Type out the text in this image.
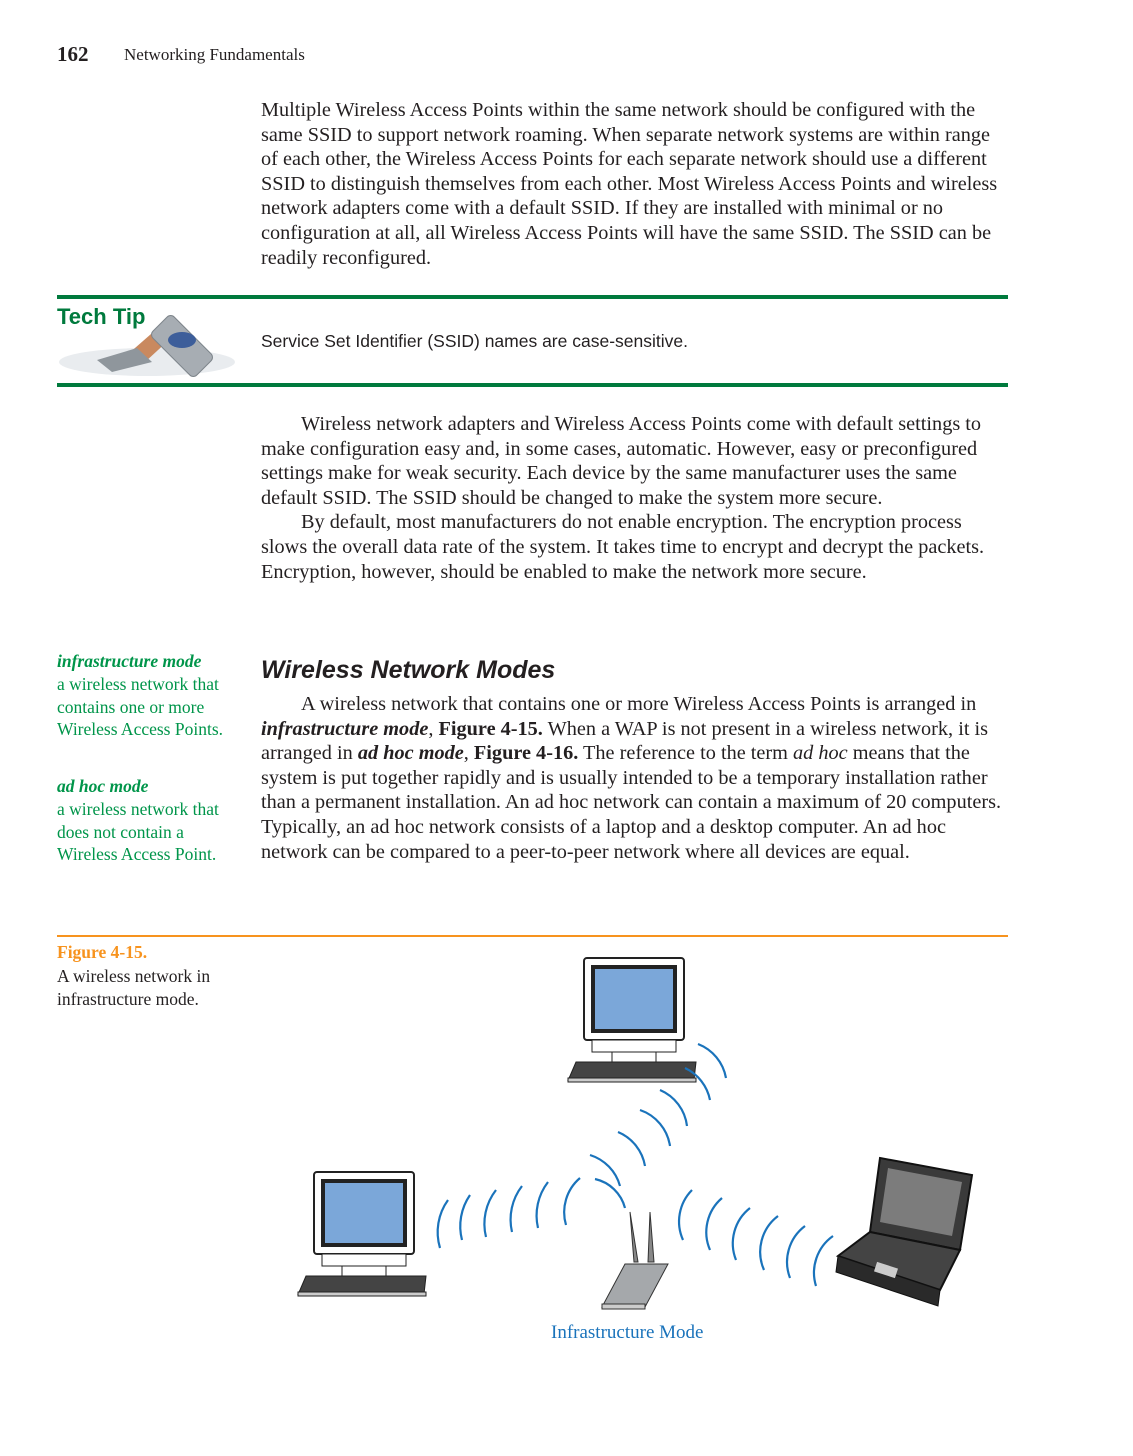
162 Networking Fundamentals

Multiple Wireless Access Points within the same network should be configured with the same SSID to support network roaming. When separate network systems are within range of each other, the Wireless Access Points for each separate network should use a different SSID to distinguish themselves from each other. Most Wireless Access Points and wireless network adapters come with a default SSID. If they are installed with minimal or no configuration at all, all Wireless Access Points will have the same SSID. The SSID can be readily reconfigured.

Tech Tip
Service Set Identifier (SSID) names are case-sensitive.

Wireless network adapters and Wireless Access Points come with default settings to make configuration easy and, in some cases, automatic. However, easy or preconfigured settings make for weak security. Each device by the same manufacturer uses the same default SSID. The SSID should be changed to make the system more secure.

By default, most manufacturers do not enable encryption. The encryption process slows the overall data rate of the system. It takes time to encrypt and decrypt the packets. Encryption, however, should be enabled to make the network more secure.

Wireless Network Modes

A wireless network that contains one or more Wireless Access Points is arranged in infrastructure mode, Figure 4-15. When a WAP is not present in a wireless network, it is arranged in ad hoc mode, Figure 4-16. The reference to the term ad hoc means that the system is put together rapidly and is usually intended to be a temporary installation rather than a permanent installation. An ad hoc network can contain a maximum of 20 computers. Typically, an ad hoc network consists of a laptop and a desktop computer. An ad hoc network can be compared to a peer-to-peer network where all devices are equal.

infrastructure mode
a wireless network that contains one or more Wireless Access Points.
ad hoc mode
a wireless network that does not contain a Wireless Access Point.
Figure 4-15.
A wireless network in infrastructure mode.
Infrastructure Mode
